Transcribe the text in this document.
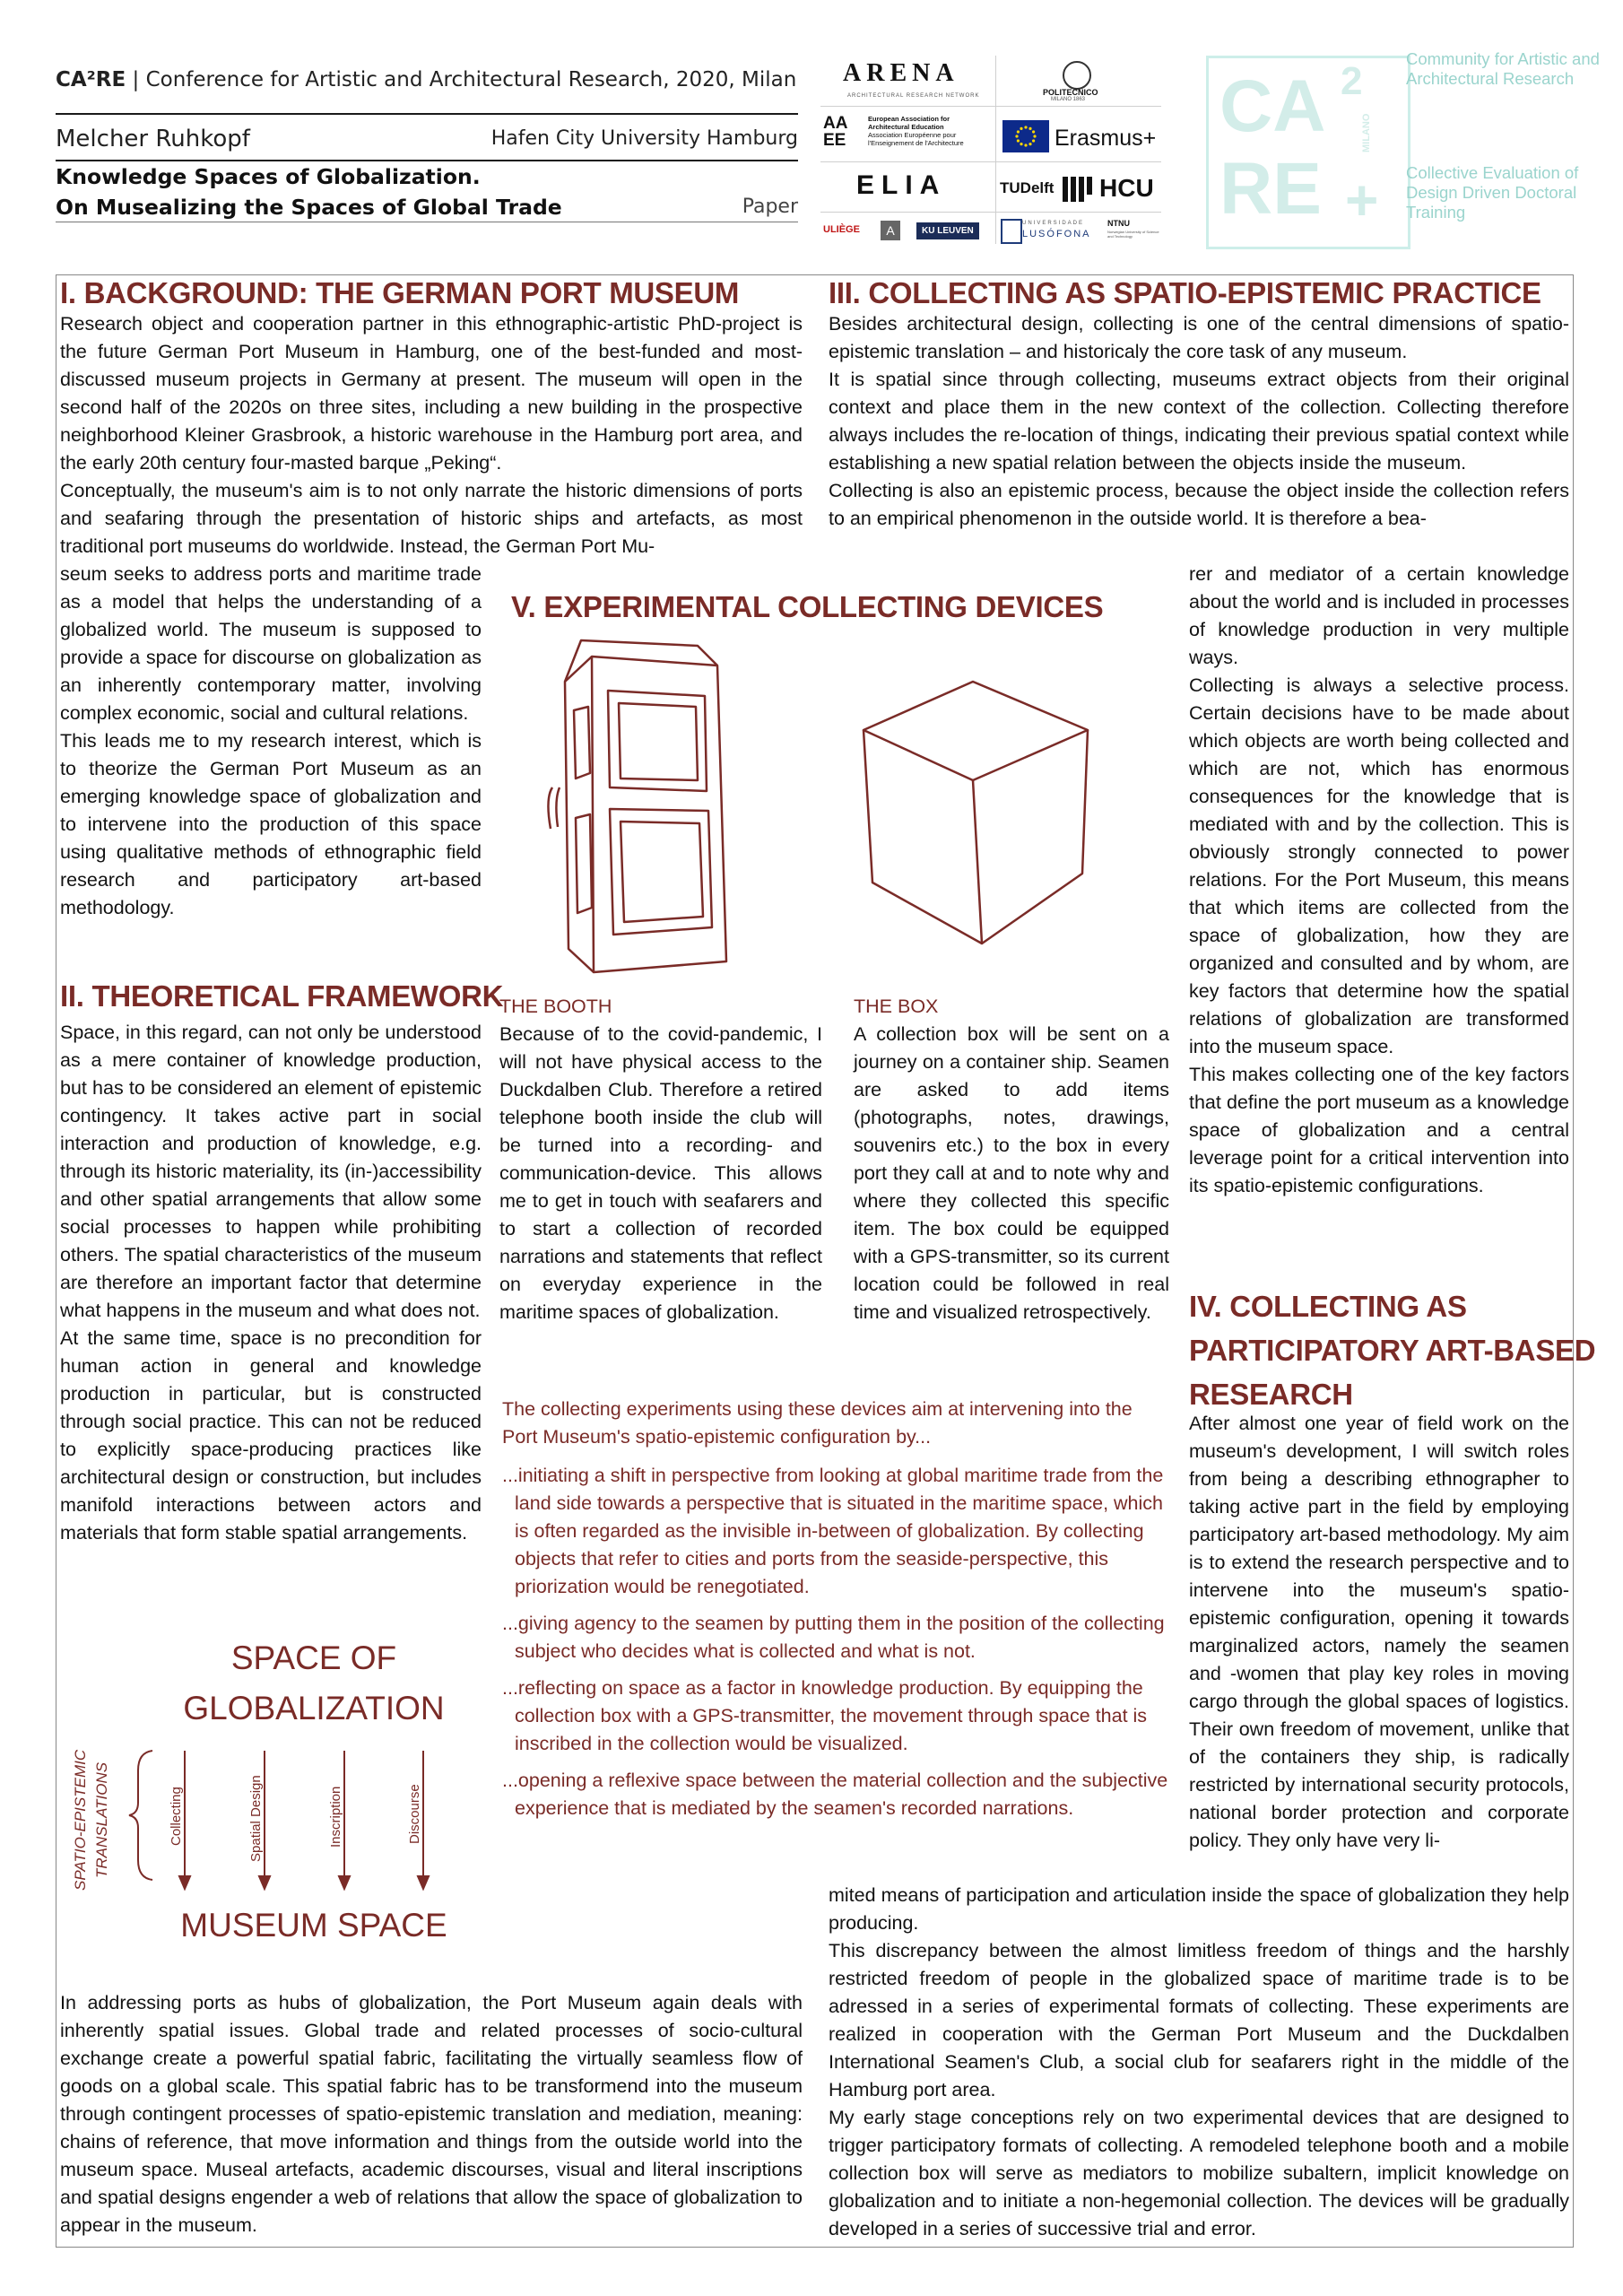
CA²RE | Conference for Artistic and Architectural Research, 2020, Milan
Melcher Ruhkopf	Hafen City University Hamburg
Knowledge Spaces of Globalization.
On Musealizing the Spaces of Global Trade	Paper
ARENA
ARCHITECTURAL RESEARCH NETWORK	POLITECNICO
MILANO 1863
AA EE
European Association for
Architectural Education
Association Européenne pour
l'Enseignement de l'Architecture	Erasmus+
ELIA	TUDelft HCU
ULIÈGE	A	KU LEUVEN
UNIVERSIDADE
LUSÓFONA
NTNU
Norwegian University of Science and Technology
CA 2
RE +
MILANO
Community for Artistic and Architectural Research
Collective Evaluation of Design Driven Doctoral Training
I. BACKGROUND: THE GERMAN PORT MUSEUM

Research object and cooperation partner in this ethnographic-artistic PhD-project is the future German Port Museum in Hamburg, one of the best-funded and most-discussed museum projects in Germany at present. The museum will open in the second half of the 2020s on three sites, including a new building in the prospective neighborhood Kleiner Grasbrook, a historic warehouse in the Hamburg port area, and the early 20th century four-masted barque „Peking“.

Conceptually, the museum's aim is to not only narrate the historic dimensions of ports and seafaring through the presentation of historic ships and artefacts, as most traditional port museums do worldwide. Instead, the German Port Mu-

seum seeks to address ports and maritime trade as a model that helps the understanding of a globalized world. The museum is supposed to provide a space for discourse on globalization as an inherently contemporary matter, involving complex economic, social and cultural relations.

This leads me to my research interest, which is to theorize the German Port Museum as an emerging knowledge space of globalization and to intervene into the production of this space using qualitative methods of ethnographic field research and participatory art-based methodology.

II. THEORETICAL FRAMEWORK

Space, in this regard, can not only be understood as a mere container of knowledge production, but has to be considered an element of epistemic contingency. It takes active part in social interaction and production of knowledge, e.g. through its historic materiality, its (in-)accessibility and other spatial arrangements that allow some social processes to happen while prohibiting others. The spatial characteristics of the museum are therefore an important factor that determine what happens in the museum and what does not.

At the same time, space is no precondition for human action in general and knowledge production in particular, but is constructed through social practice. This can not be reduced to explicitly space-producing practices like architectural design or construction, but includes manifold interactions between actors and materials that form stable spatial arrangements.

SPACE OF
GLOBALIZATION
SPATIO-EPISTEMIC TRANSLATIONS	Collecting	Spatial Design	Inscription	Discourse
MUSEUM SPACE

In addressing ports as hubs of globalization, the Port Museum again deals with inherently spatial issues. Global trade and related processes of socio-cultural exchange create a powerful spatial fabric, facilitating the virtually seamless flow of goods on a global scale. This spatial fabric has to be transformend into the museum through contingent processes of spatio-epistemic translation and mediation, meaning: chains of reference, that move information and things from the outside world into the museum space. Museal artefacts, academic discourses, visual and literal inscriptions and spatial designs engender a web of relations that allow the space of globalization to appear in the museum.

III. COLLECTING AS SPATIO-EPISTEMIC PRACTICE

Besides architectural design, collecting is one of the central dimensions of spatio-epistemic translation – and historicaly the core task of any museum.

It is spatial since through collecting, museums extract objects from their original context and place them in the new context of the collection. Collecting therefore always includes the re-location of things, indicating their previous spatial context while establishing a new spatial relation between the objects inside the museum.

Collecting is also an epistemic process, because the object inside the collection refers to an empirical phenomenon in the outside world. It is therefore a bea-

rer and mediator of a certain knowledge about the world and is included in processes of knowledge production in very multiple ways.

Collecting is always a selective process. Certain decisions have to be made about which objects are worth being collected and which are not, which has enormous consequences for the knowledge that is mediated with and by the collection. This is obviously strongly connected to power relations. For the Port Museum, this means that which items are collected from the space of globalization, how they are organized and consulted and by whom, are key factors that determine how the spatial relations of globalization are transformed into the museum space.

This makes collecting one of the key factors that define the port museum as a knowledge space of globalization and a central leverage point for a critical intervention into its spatio-epistemic configurations.

IV. COLLECTING AS
PARTICIPATORY ART-BASED
RESEARCH

After almost one year of field work on the museum's development, I will switch roles from being a describing ethnographer to taking active part in the field by employing participatory art-based methodology. My aim is to extend the research perspective and to intervene into the museum's spatio-epistemic configuration, opening it towards marginalized actors, namely the seamen and -women that play key roles in moving cargo through the global spaces of logistics. Their own freedom of movement, unlike that of the containers they ship, is radically restricted by international security protocols, national border protection and corporate policy. They only have very li-

mited means of participation and articulation inside the space of globalization they help producing.

This discrepancy between the almost limitless freedom of things and the harshly restricted freedom of people in the globalized space of maritime trade is to be adressed in a series of experimental formats of collecting. These experiments are realized in cooperation with the German Port Museum and the Duckdalben International Seamen's Club, a social club for seafarers right in the middle of the Hamburg port area.

My early stage conceptions rely on two experimental devices that are designed to trigger participatory formats of collecting. A remodeled telephone booth and a mobile collection box will serve as mediators to mobilize subaltern, implicit knowledge on globalization and to initiate a non-hegemonial collection. The devices will be gradually developed in a series of successive trial and error.

V. EXPERIMENTAL COLLECTING DEVICES
THE BOOTH
Because of to the covid-pandemic, I will not have physical access to the Duckdalben Club. Therefore a retired telephone booth inside the club will be turned into a recording- and communication-device. This allows me to get in touch with seafarers and to start a collection of recorded narrations and statements that reflect on everyday experience in the maritime spaces of globalization.
THE BOX
A collection box will be sent on a journey on a container ship. Seamen are asked to add items (photographs, notes, drawings, souvenirs etc.) to the box in every port they call at and to note why and where they collected this specific item. The box could be equipped with a GPS-transmitter, so its current location could be followed in real time and visualized retrospectively.
The collecting experiments using these devices aim at intervening into the Port Museum's spatio-epistemic configuration by...

...initiating a shift in perspective from looking at global maritime trade from the land side towards a perspective that is situated in the maritime space, which is often regarded as the invisible in-between of globalization. By collecting objects that refer to cities and ports from the seaside-perspective, this priorization would be renegotiated.

...giving agency to the seamen by putting them in the position of the collecting subject who decides what is collected and what is not.

...reflecting on space as a factor in knowledge production. By equipping the collection box with a GPS-transmitter, the movement through space that is inscribed in the collection would be visualized.

...opening a reflexive space between the material collection and the subjective experience that is mediated by the seamen's recorded narrations.
